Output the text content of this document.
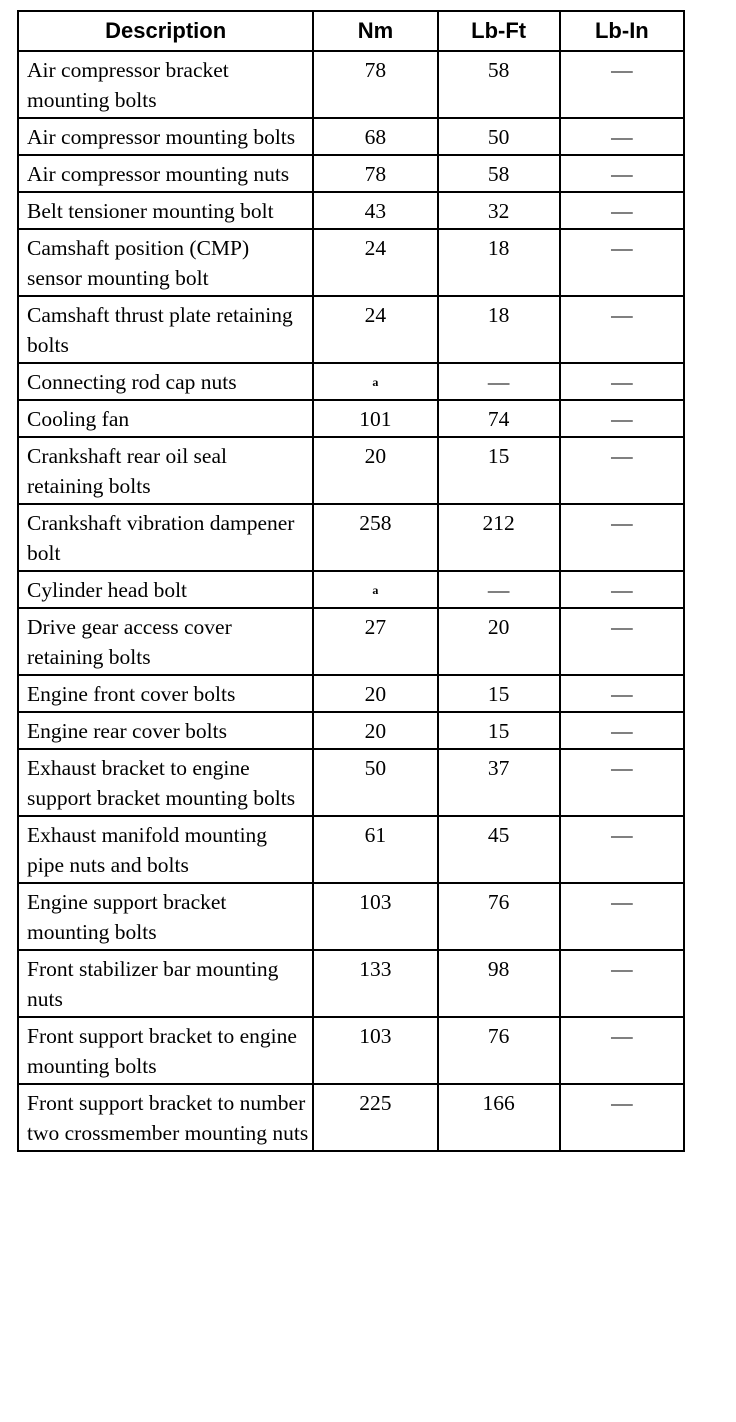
Description	Nm	Lb-Ft	Lb-In
Air compressor bracket mounting bolts	78	58	—
Air compressor mounting bolts	68	50	—
Air compressor mounting nuts	78	58	—
Belt tensioner mounting bolt	43	32	—
Camshaft position (CMP) sensor mounting bolt	24	18	—
Camshaft thrust plate retaining bolts	24	18	—
Connecting rod cap nuts	a	—	—
Cooling fan	101	74	—
Crankshaft rear oil seal retaining bolts	20	15	—
Crankshaft vibration dampener bolt	258	212	—
Cylinder head bolt	a	—	—
Drive gear access cover retaining bolts	27	20	—
Engine front cover bolts	20	15	—
Engine rear cover bolts	20	15	—
Exhaust bracket to engine support bracket mounting bolts	50	37	—
Exhaust manifold mounting pipe nuts and bolts	61	45	—
Engine support bracket mounting bolts	103	76	—
Front stabilizer bar mounting nuts	133	98	—
Front support bracket to engine mounting bolts	103	76	—
Front support bracket to number two crossmember mounting nuts	225	166	—
